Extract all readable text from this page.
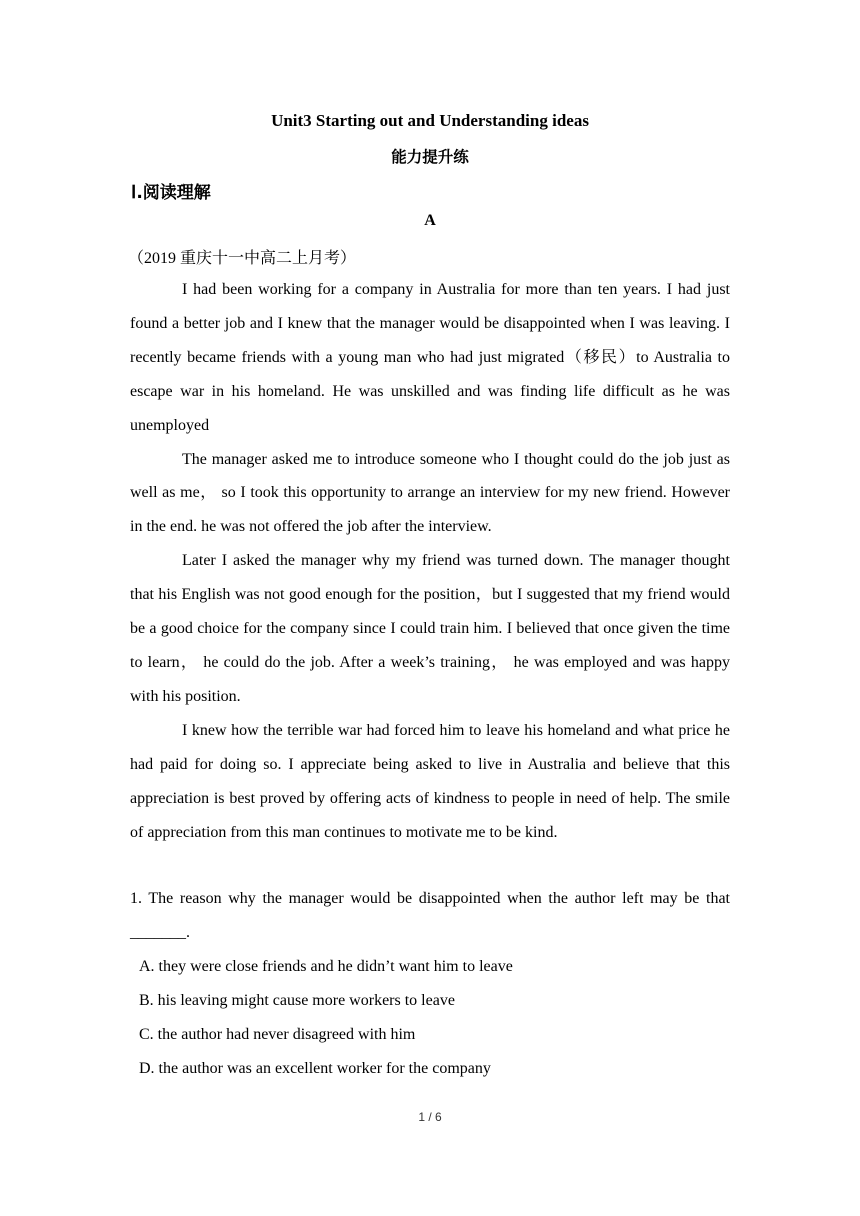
Unit3 Starting out and Understanding ideas
能力提升练
Ⅰ.阅读理解
A
（2019 重庆十一中高二上月考）

I had been working for a company in Australia for more than ten years. I had just found a better job and I knew that the manager would be disappointed when I was leaving. I recently became friends with a young man who had just migrated（移民）to Australia to escape war in his homeland. He was unskilled and was finding life difficult as he was unemployed

The manager asked me to introduce someone who I thought could do the job just as well as me， so I took this opportunity to arrange an interview for my new friend. However in the end. he was not offered the job after the interview.

Later I asked the manager why my friend was turned down. The manager thought that his English was not good enough for the position，but I suggested that my friend would be a good choice for the company since I could train him. I believed that once given the time to learn， he could do the job. After a week’s training， he was employed and was happy with his position.

I knew how the terrible war had forced him to leave his homeland and what price he had paid for doing so. I appreciate being asked to live in Australia and believe that this appreciation is best proved by offering acts of kindness to people in need of help. The smile of appreciation from this man continues to motivate me to be kind.

1. The reason why the manager would be disappointed when the author left may be that _______.

A. they were close friends and he didn’t want him to leave

B. his leaving might cause more workers to leave

C. the author had never disagreed with him

D. the author was an excellent worker for the company

1 / 6
